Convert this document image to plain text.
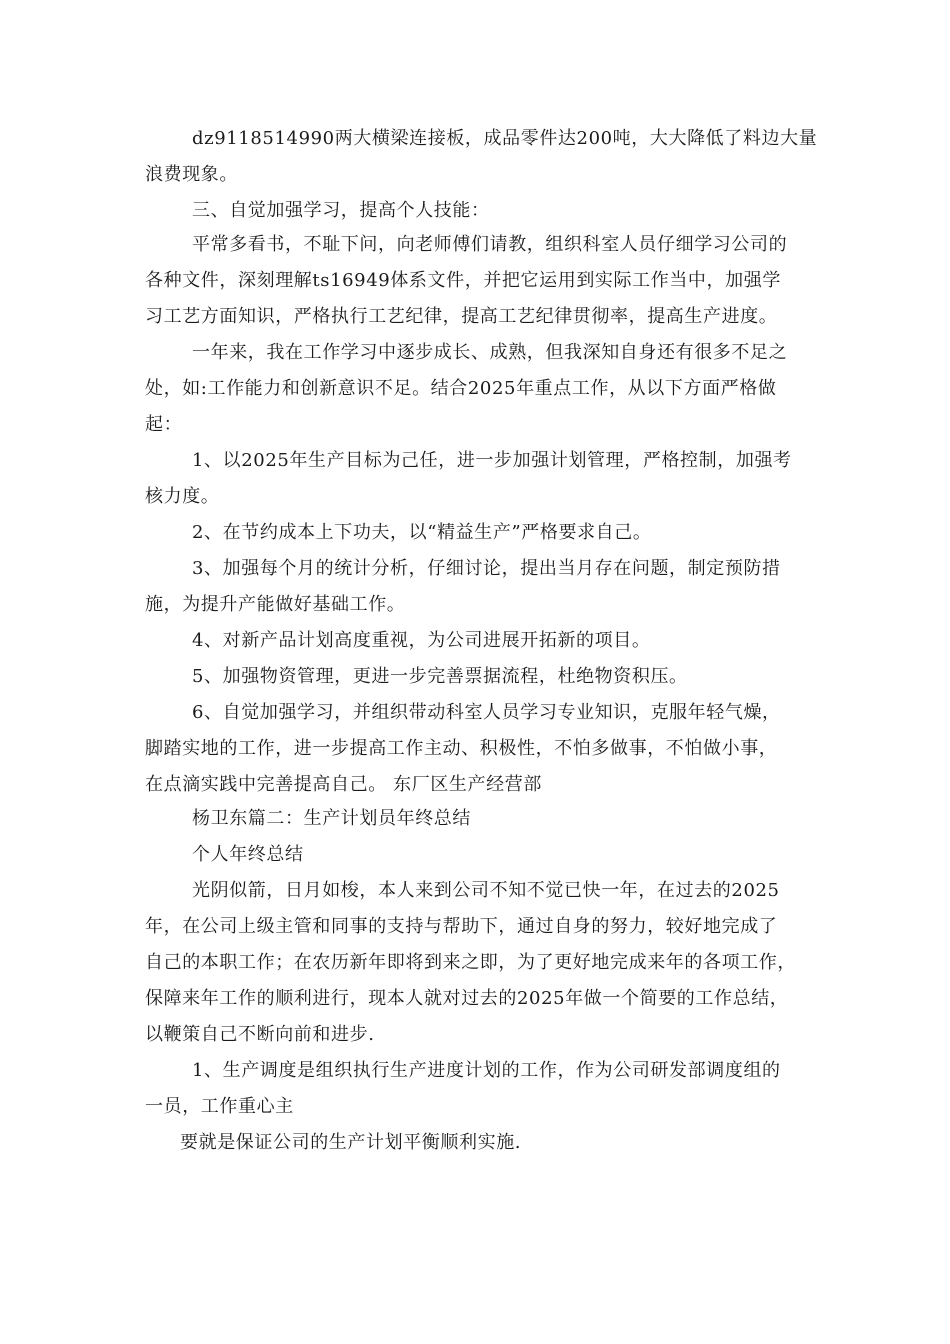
dz9118514990两大横梁连接板，成品零件达200吨，大大降低了料边大量
浪费现象。
三、自觉加强学习，提高个人技能：
平常多看书，不耻下问，向老师傅们请教，组织科室人员仔细学习公司的
各种文件，深刻理解ts16949体系文件，并把它运用到实际工作当中，加强学
习工艺方面知识，严格执行工艺纪律，提高工艺纪律贯彻率，提高生产进度。
一年来，我在工作学习中逐步成长、成熟，但我深知自身还有很多不足之
处，如:工作能力和创新意识不足。结合2025年重点工作，从以下方面严格做
起：
1、以2025年生产目标为己任，进一步加强计划管理，严格控制，加强考
核力度。
2、在节约成本上下功夫，以“精益生产”严格要求自己。
3、加强每个月的统计分析，仔细讨论，提出当月存在问题，制定预防措
施，为提升产能做好基础工作。
4、对新产品计划高度重视，为公司进展开拓新的项目。
5、加强物资管理，更进一步完善票据流程，杜绝物资积压。
6、自觉加强学习，并组织带动科室人员学习专业知识，克服年轻气燥，
脚踏实地的工作，进一步提高工作主动、积极性，不怕多做事，不怕做小事，
在点滴实践中完善提高自己。 东厂区生产经营部
杨卫东篇二：生产计划员年终总结
个人年终总结
光阴似箭，日月如梭，本人来到公司不知不觉已快一年，在过去的2025
年，在公司上级主管和同事的支持与帮助下，通过自身的努力，较好地完成了
自己的本职工作；在农历新年即将到来之即，为了更好地完成来年的各项工作，
保障来年工作的顺利进行，现本人就对过去的2025年做一个简要的工作总结，
以鞭策自己不断向前和进步.
1、生产调度是组织执行生产进度计划的工作，作为公司研发部调度组的
一员，工作重心主
要就是保证公司的生产计划平衡顺利实施.
